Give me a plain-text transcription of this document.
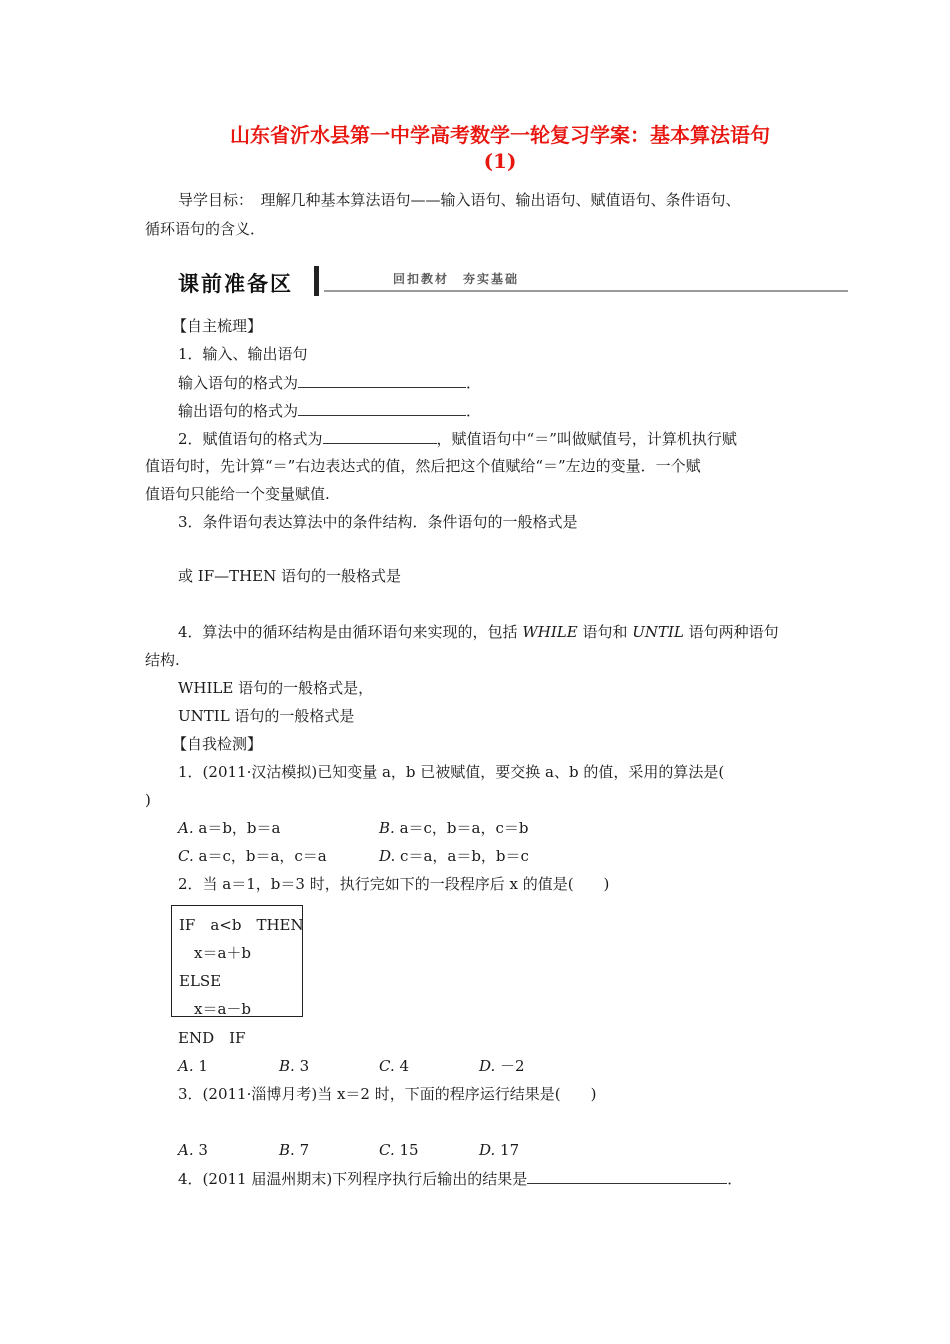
山东省沂水县第一中学高考数学一轮复习学案：基本算法语句
(1)
导学目标：　理解几种基本算法语句——输入语句、输出语句、赋值语句、条件语句、
循环语句的含义．
课前准备区	回扣教材　夯实基础
【自主梳理】
1．输入、输出语句
输入语句的格式为	．
输出语句的格式为	．
2．赋值语句的格式为	，赋值语句中“＝”叫做赋值号，计算机执行赋
值语句时，先计算“＝”右边表达式的值，然后把这个值赋给“＝”左边的变量．一个赋
值语句只能给一个变量赋值.
3．条件语句表达算法中的条件结构．条件语句的一般格式是
或 IF—THEN 语句的一般格式是
4．算法中的循环结构是由循环语句来实现的，包括 WHILE 语句和 UNTIL 语句两种语句
结构.
WHILE 语句的一般格式是，
UNTIL 语句的一般格式是
【自我检测】
1．(2011·汉沽模拟)已知变量 a，b 已被赋值，要交换 a、b 的值，采用的算法是(
)
A. a＝b，b＝a	B. a＝c，b＝a，c＝b
C. a＝c，b＝a，c＝a	D. c＝a，a＝b，b＝c
2．当 a＝1，b＝3 时，执行完如下的一段程序后 x 的值是(　　)
IF　a<b　THEN
　x＝a＋b
ELSE
　x＝a－b
END　IF
A. 1	B. 3	C. 4	D. －2
3．(2011·淄博月考)当 x＝2 时，下面的程序运行结果是(　　)
A. 3	B. 7	C. 15	D. 17
4．(2011 届温州期末)下列程序执行后输出的结果是	．
